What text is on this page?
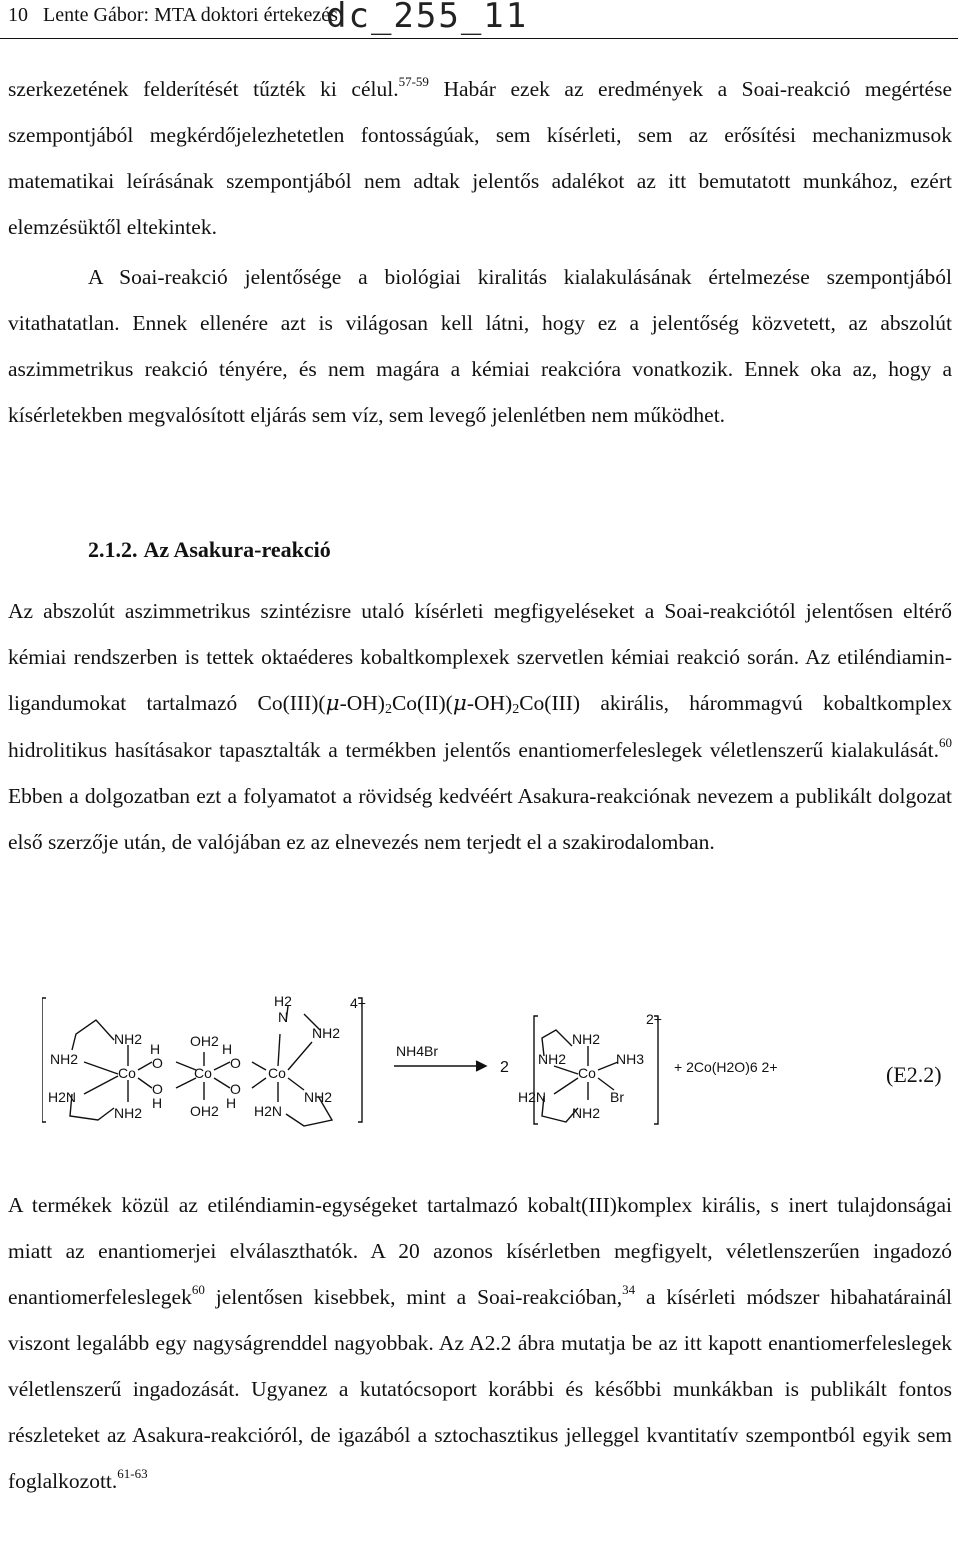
10 Lente Gábor: MTA doktori értekezés
dc_255_11
szerkezetének felderítését tűzték ki célul.$^{57-59}$ Habár ezek az eredmények a Soai-reakció megértése szempontjából megkérdőjelezhetetlen fontosságúak, sem kísérleti, sem az erősítési mechanizmusok matematikai leírásának szempontjából nem adtak jelentős adalékot az itt bemutatott munkához, ezért elemzésüktől eltekintek.
A Soai-reakció jelentősége a biológiai kiralitás kialakulásának értelmezése szempontjából vitathatatlan. Ennek ellenére azt is világosan kell látni, hogy ez a jelentőség közvetett, az abszolút aszimmetrikus reakció tényére, és nem magára a kémiai reakcióra vonatkozik. Ennek oka az, hogy a kísérletekben megvalósított eljárás sem víz, sem levegő jelenlétben nem működhet.
2.1.2. Az Asakura-reakció
Az abszolút aszimmetrikus szintézisre utaló kísérleti megfigyeléseket a Soai-reakciótól jelentősen eltérő kémiai rendszerben is tettek oktaéderes kobaltkomplexek szervetlen kémiai reakció során. Az etiléndiamin-ligandumokat tartalmazó $Co(III)(\mu-OH)_2Co(II)(\mu-OH)_2Co(III)$ akirális, hárommagvú kobaltkomplex hidrolitikus hasításakor tapasztalták a termékben jelentős enantiomerfeleslegek véletlenszerű kialakulását.$^{60}$ Ebben a dolgozatban ezt a folyamatot a rövidség kedvéért Asakura-reakciónak nevezem a publikált dolgozat első szerzője után, de valójában ez az elnevezés nem terjedt el a szakirodalomban.
4+
2+
NH2
NH2
H2N
NH2
Co
H
O
O
H
OH2
Co
OH2
H
O
O
H
Co
H2
N
NH2
H2N
NH2
NH4Br
2
NH2
NH2
Co
NH3
H2N	Br
NH2
+ 2Co(H2O)6 2+	(E2.2)
A termékek közül az etiléndiamin-egységeket tartalmazó kobalt(III)komplex királis, s inert tulajdonságai miatt az enantiomerjei elválaszthatók. A 20 azonos kísérletben megfigyelt, véletlenszerűen ingadozó enantiomerfeleslegek$^{60}$ jelentősen kisebbek, mint a Soai-reakcióban,$^{34}$ a kísérleti módszer hibahatárainál viszont legalább egy nagyságrenddel nagyobbak. Az A2.2 ábra mutatja be az itt kapott enantiomerfeleslegek véletlenszerű ingadozását. Ugyanez a kutatócsoport korábbi és későbbi munkákban is publikált fontos részleteket az Asakura-reakcióról, de igazából a sztochasztikus jelleggel kvantitatív szempontból egyik sem foglalkozott.$^{61-63}$
